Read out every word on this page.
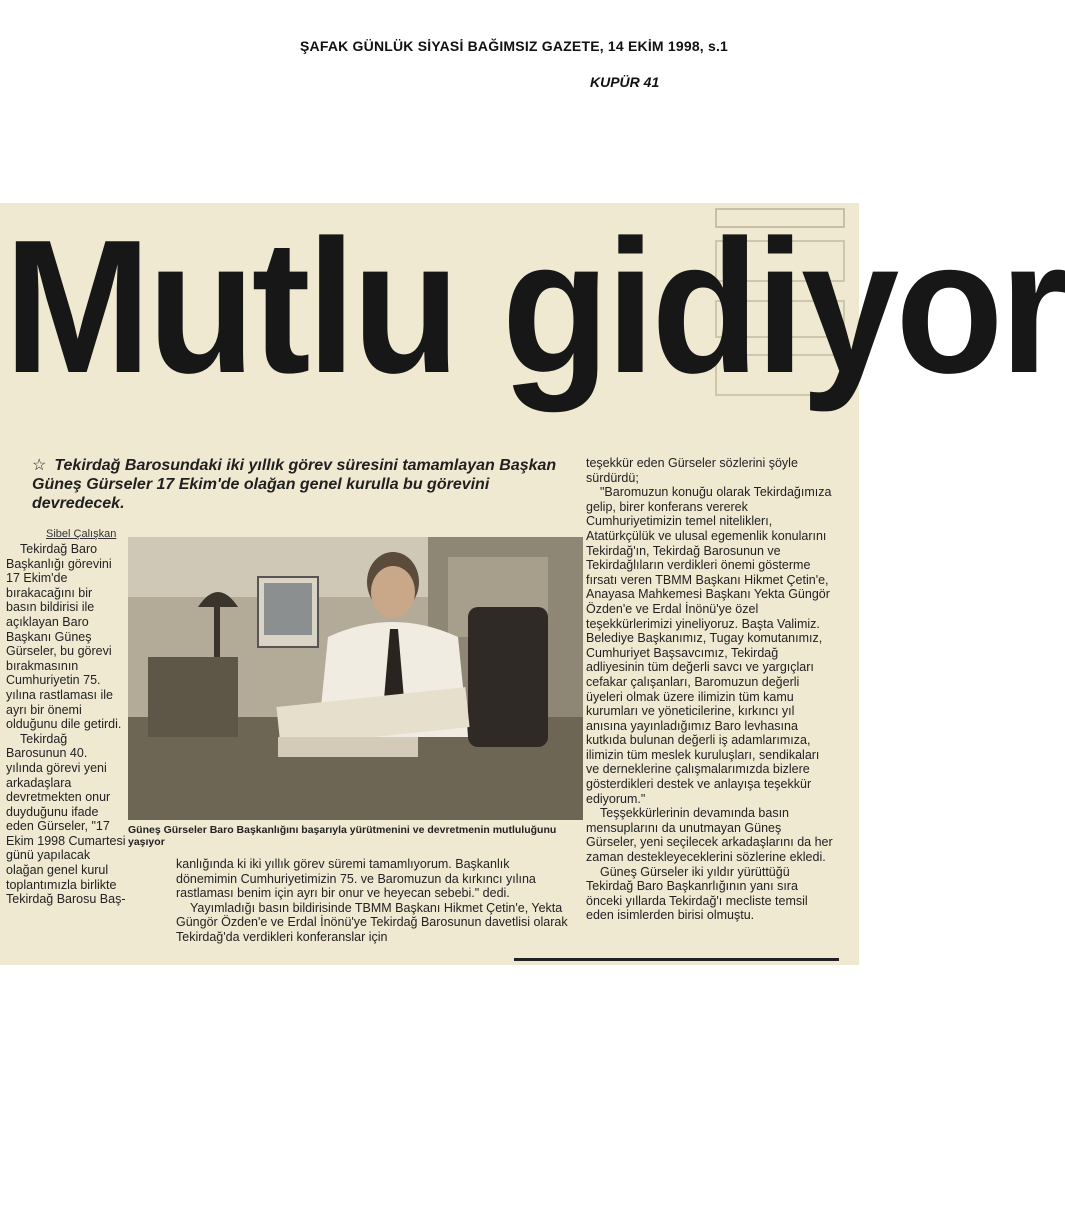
ŞAFAK GÜNLÜK SİYASİ BAĞIMSIZ GAZETE, 14 EKİM 1998, s.1
KUPÜR 41
Mutlu gidiyor
☆ Tekirdağ Barosundaki iki yıllık görev süresini tamamlayan Başkan Güneş Gürseler 17 Ekim'de olağan genel kurulla bu görevini devredecek.
Sibel Çalışkan

Tekirdağ Baro Başkanlığı görevini 17 Ekim'de bırakacağını bir basın bildirisi ile açıklayan Baro Başkanı Güneş Gürseler, bu görevi bırakmasının Cumhuriyetin 75. yılına rastlaması ile ayrı bir önemi olduğunu dile getirdi.

Tekirdağ Barosunun 40. yılında görevi yeni arkadaşlara devretmekten onur duyduğunu ifade eden Gürseler, "17 Ekim 1998 Cumartesi günü yapılacak olağan genel kurul toplantımızla birlikte Tekirdağ Barosu Baş-

Güneş Gürseler Baro Başkanlığını başarıyla yürütmenini ve devretmenin mutluluğunu yaşıyor

kanlığında ki iki yıllık görev süremi tamamlıyorum. Başkanlık dönemimin Cumhuriyetimizin 75. ve Baromuzun da kırkıncı yılına rastlaması benim için ayrı bir onur ve heyecan sebebi." dedi.

Yayımladığı basın bildirisinde TBMM Başkanı Hikmet Çetin'e, Yekta Güngör Özden'e ve Erdal İnönü'ye Tekirdağ Barosunun davetlisi olarak Tekirdağ'da verdikleri konferanslar için

teşekkür eden Gürseler sözlerini şöyle sürdürdü;

"Baromuzun konuğu olarak Tekirdağımıza gelip, birer konferans vererek Cumhuriyetimizin temel niteliklerı, Atatürkçülük ve ulusal egemenlik konularını Tekirdağ'ın, Tekirdağ Barosunun ve Tekirdağlıların verdikleri önemi gösterme fırsatı veren TBMM Başkanı Hikmet Çetin'e, Anayasa Mahkemesi Başkanı Yekta Güngör Özden'e ve Erdal İnönü'ye özel teşekkürlerimizi yineliyoruz. Başta Valimiz. Belediye Başkanımız, Tugay komutanımız, Cumhuriyet Başsavcımız, Tekirdağ adliyesinin tüm değerli savcı ve yargıçları cefakar çalışanları, Baromuzun değerli üyeleri olmak üzere ilimizin tüm kamu kurumları ve yöneticilerine, kırkıncı yıl anısına yayınladığımız Baro levhasına kutkıda bulunan değerli iş adamlarımıza, ilimizin tüm meslek kuruluşları, sendikaları ve derneklerine çalışmalarımızda bizlere gösterdikleri destek ve anlayışa teşekkür ediyorum."

Teşşekkürlerinin devamında basın mensuplarını da unutmayan Güneş Gürseler, yeni seçilecek arkadaşlarını da her zaman destekleyeceklerini sözlerine ekledi.

Güneş Gürseler iki yıldır yürüttüğü Tekirdağ Baro Başkanrlığının yanı sıra önceki yıllarda Tekirdağ'ı mecliste temsil eden isimlerden birisi olmuştu.
